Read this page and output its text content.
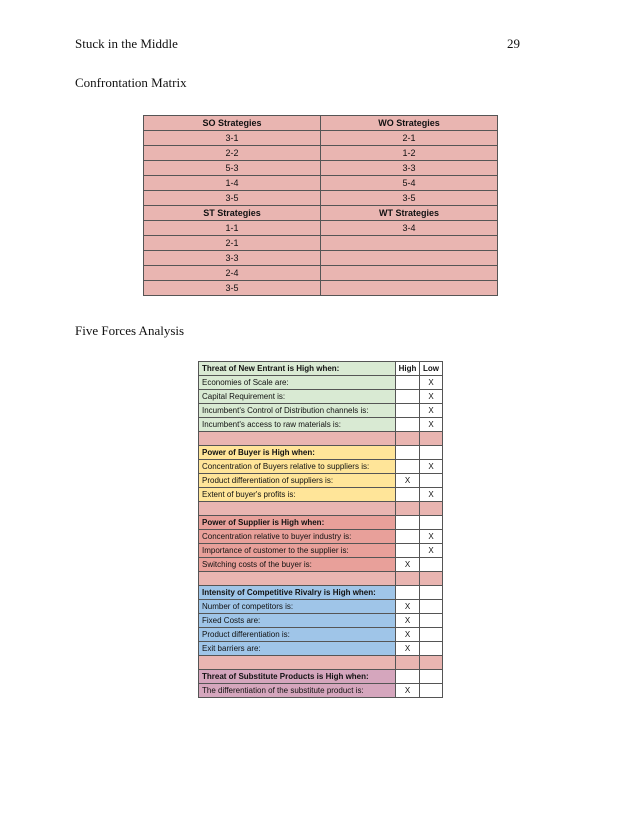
Stuck in the Middle	29
Confrontation Matrix
SO Strategies	WO Strategies
3-1	2-1
2-2	1-2
5-3	3-3
1-4	5-4
3-5	3-5
ST Strategies	WT Strategies
1-1	3-4
2-1	
3-3	
2-4	
3-5	
Five Forces Analysis
Threat of New Entrant is High when:	High	Low
Economies of Scale are:		X
Capital Requirement is:		X
Incumbent's Control of Distribution channels is:		X
Incumbent's access to raw materials is:		X

Power of Buyer is High when:		
Concentration of Buyers relative to suppliers is:		X
Product differentiation of suppliers is:	X	
Extent of buyer's profits is:		X

Power of Supplier is High when:		
Concentration relative to buyer industry is:		X
Importance of customer to the supplier is:		X
Switching costs of the buyer is:	X	

Intensity of Competitive Rivalry is High when:		
Number of competitors is:	X	
Fixed Costs are:	X	
Product differentiation is:	X	
Exit barriers are:	X	

Threat of Substitute Products is High when:		
The differentiation of the substitute product is:	X	
